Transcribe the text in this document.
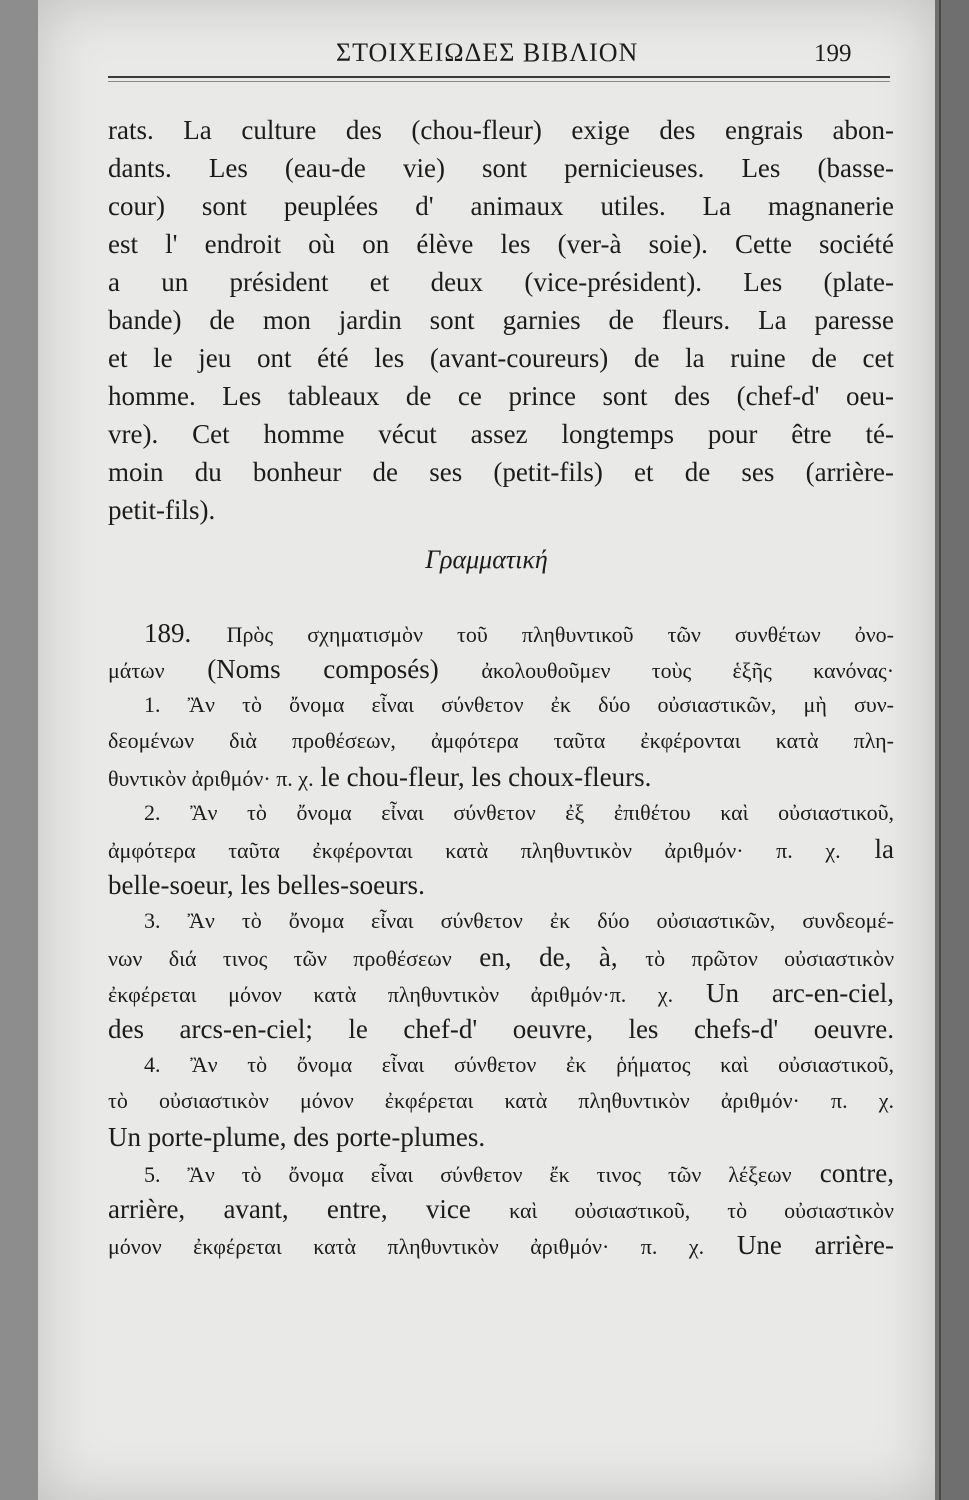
ΣΤΟΙΧΕΙΩΔΕΣ ΒΙΒΛΙΟΝ	199
rats. La culture des (chou-fleur) exige des engrais abon-
dants. Les (eau-de vie) sont pernicieuses. Les (basse-
cour) sont peuplées d' animaux utiles. La magnanerie
est l' endroit où on élève les (ver-à soie). Cette société
a un président et deux (vice-président). Les (plate-
bande) de mon jardin sont garnies de fleurs. La paresse
et le jeu ont été les (avant-coureurs) de la ruine de cet
homme. Les tableaux de ce prince sont des (chef-d' oeu-
vre). Cet homme vécut assez longtemps pour être té-
moin du bonheur de ses (petit-fils) et de ses (arrière-
petit-fils).
Γραμματική
189. Πρὸς σχηματισμὸν τοῦ πληθυντικοῦ τῶν συνθέτων ὀνο-
μάτων (Noms composés) ἀκολουθοῦμεν τοὺς ἑξῆς κανόνας·
1. Ἂν τὸ ὄνομα εἶναι σύνθετον ἐκ δύο οὐσιαστικῶν, μὴ συν-
δεομένων διὰ προθέσεων, ἀμφότερα ταῦτα ἐκφέρονται κατὰ πλη-
θυντικὸν ἀριθμόν· π. χ. le chou-fleur, les choux-fleurs.
2. Ἂν τὸ ὄνομα εἶναι σύνθετον ἐξ ἐπιθέτου καὶ οὐσιαστικοῦ,
ἀμφότερα ταῦτα ἐκφέρονται κατὰ πληθυντικὸν ἀριθμόν· π. χ. la
belle-soeur, les belles-soeurs.
3. Ἂν τὸ ὄνομα εἶναι σύνθετον ἐκ δύο οὐσιαστικῶν, συνδεομέ-
νων διά τινος τῶν προθέσεων en, de, à, τὸ πρῶτον οὐσιαστικὸν
ἐκφέρεται μόνον κατὰ πληθυντικὸν ἀριθμόν·π. χ. Un arc-en-ciel,
des arcs-en-ciel; le chef-d' oeuvre, les chefs-d' oeuvre.
4. Ἂν τὸ ὄνομα εἶναι σύνθετον ἐκ ῥήματος καὶ οὐσιαστικοῦ,
τὸ οὐσιαστικὸν μόνον ἐκφέρεται κατὰ πληθυντικὸν ἀριθμόν· π. χ.
Un porte-plume, des porte-plumes.
5. Ἂν τὸ ὄνομα εἶναι σύνθετον ἔκ τινος τῶν λέξεων contre,
arrière, avant, entre, vice καὶ οὐσιαστικοῦ, τὸ οὐσιαστικὸν
μόνον ἐκφέρεται κατὰ πληθυντικὸν ἀριθμόν· π. χ. Une arrière-
